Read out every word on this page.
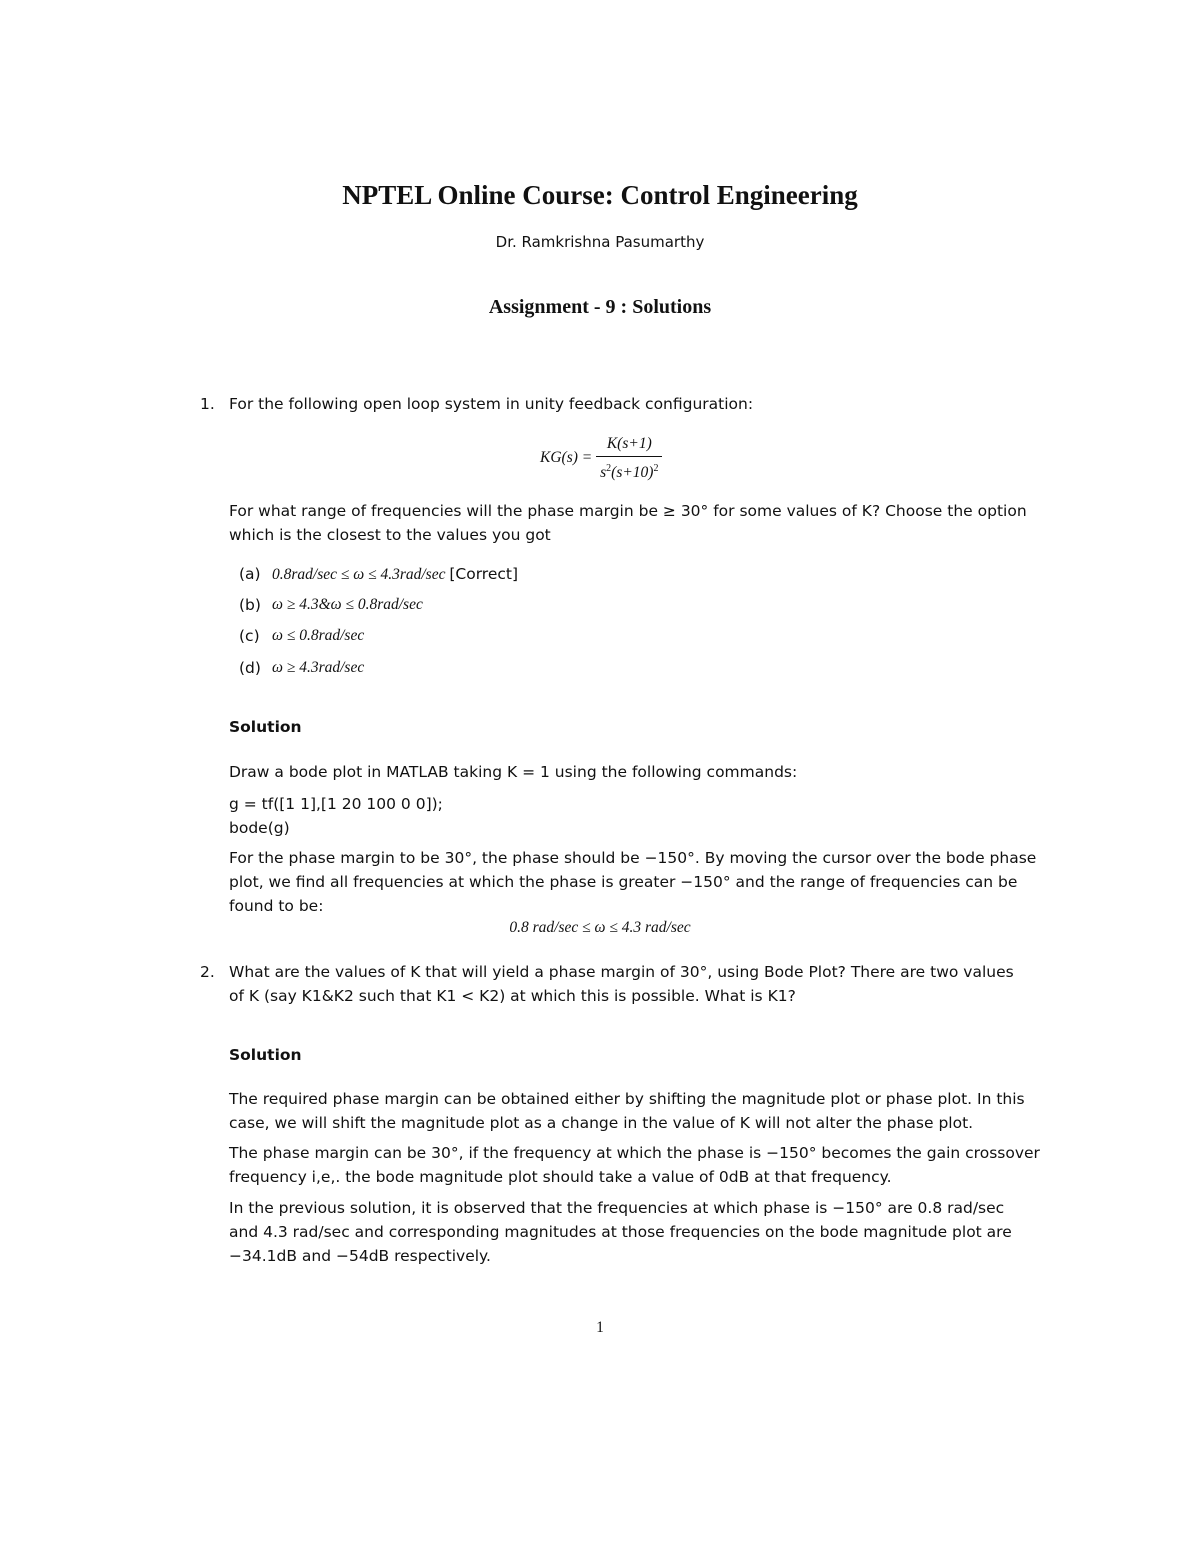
NPTEL Online Course: Control Engineering
Dr. Ramkrishna Pasumarthy
Assignment - 9 : Solutions
1. For the following open loop system in unity feedback configuration:
$KG(s) = \frac{K(s+1)}{s^2(s+10)^2}$
For what range of frequencies will the phase margin be ≥ 30° for some values of K? Choose the option
which is the closest to the values you got
(a) 0.8rad/sec ≤ ω ≤ 4.3rad/sec [Correct]
(b) ω ≥ 4.3&ω ≤ 0.8rad/sec
(c) ω ≤ 0.8rad/sec
(d) ω ≥ 4.3rad/sec
Solution
Draw a bode plot in MATLAB taking K = 1 using the following commands:
g = tf([1 1],[1 20 100 0 0]);
bode(g)
For the phase margin to be 30°, the phase should be −150°. By moving the cursor over the bode phase
plot, we find all frequencies at which the phase is greater −150° and the range of frequencies can be
found to be:
0.8 rad/sec ≤ ω ≤ 4.3 rad/sec
2. What are the values of K that will yield a phase margin of 30°, using Bode Plot? There are two values
of K (say K1&K2 such that K1 < K2) at which this is possible. What is K1?
Solution
The required phase margin can be obtained either by shifting the magnitude plot or phase plot. In this
case, we will shift the magnitude plot as a change in the value of K will not alter the phase plot.
The phase margin can be 30°, if the frequency at which the phase is −150° becomes the gain crossover
frequency i,e,. the bode magnitude plot should take a value of 0dB at that frequency.
In the previous solution, it is observed that the frequencies at which phase is −150° are 0.8 rad/sec
and 4.3 rad/sec and corresponding magnitudes at those frequencies on the bode magnitude plot are
−34.1dB and −54dB respectively.
1
